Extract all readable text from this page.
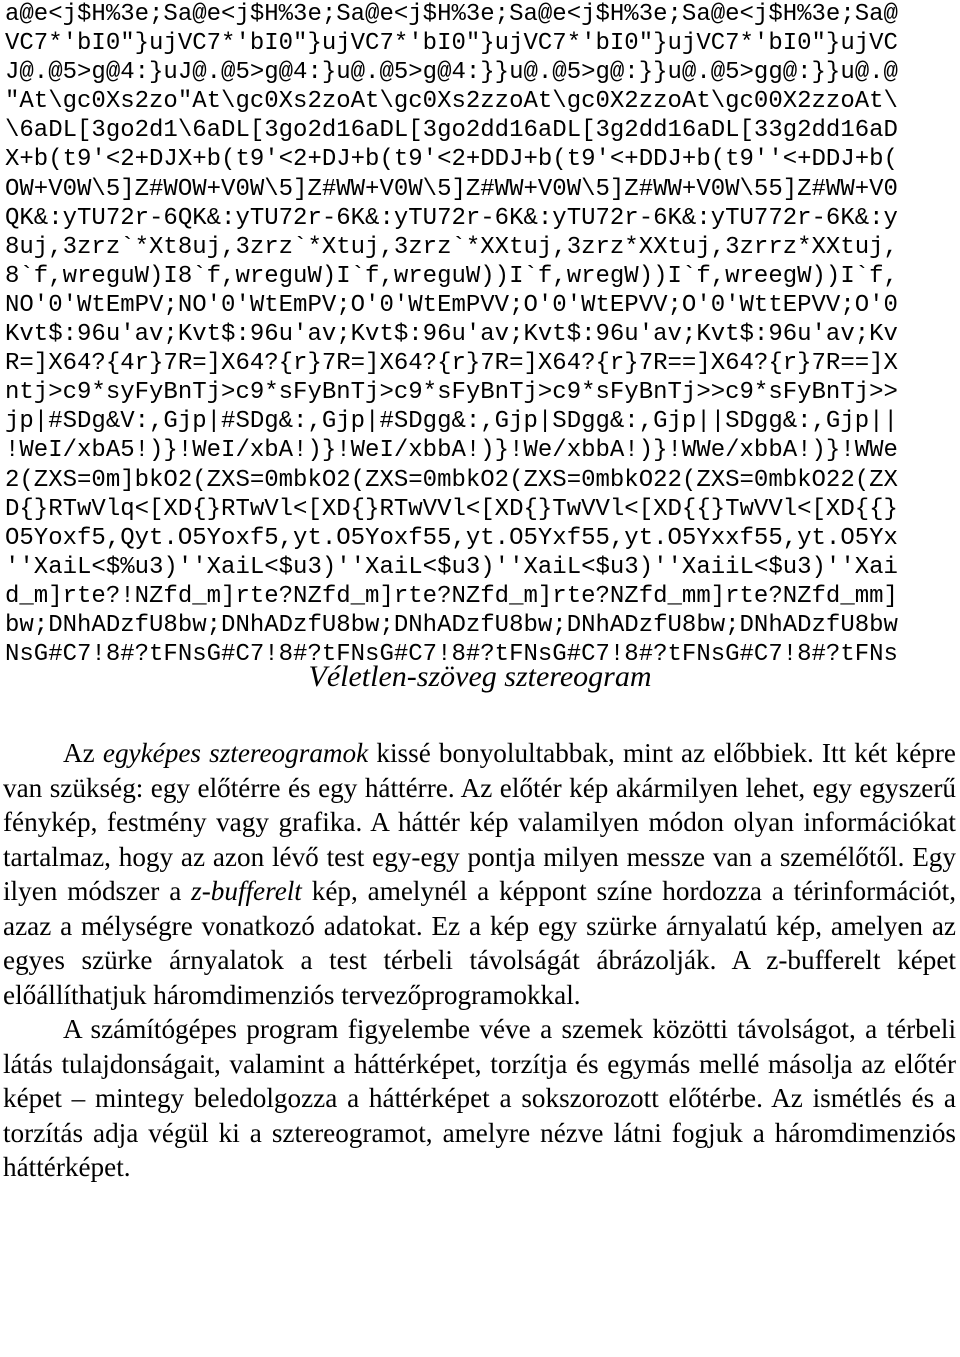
a@e<j$H%3e;Sa@e<j$H%3e;Sa@e<j$H%3e;Sa@e<j$H%3e;Sa@e<j$H%3e;Sa@
VC7*'bI0"}ujVC7*'bI0"}ujVC7*'bI0"}ujVC7*'bI0"}ujVC7*'bI0"}ujVC
J@.@5>g@4:}uJ@.@5>g@4:}u@.@5>g@4:}}u@.@5>g@:}}u@.@5>gg@:}}u@.@
"At\gc0Xs2zo"At\gc0Xs2zoAt\gc0Xs2zzoAt\gc0X2zzoAt\gc00X2zzoAt\
\6aDL[3go2d1\6aDL[3go2d16aDL[3go2dd16aDL[3g2dd16aDL[33g2dd16aD
X+b(t9'<2+DJX+b(t9'<2+DJ+b(t9'<2+DDJ+b(t9'<+DDJ+b(t9''<+DDJ+b(
OW+V0W\5]Z#WOW+V0W\5]Z#WW+V0W\5]Z#WW+V0W\5]Z#WW+V0W\55]Z#WW+V0
QK&:yTU72r-6QK&:yTU72r-6K&:yTU72r-6K&:yTU72r-6K&:yTU772r-6K&:y
8uj,3zrz`*Xt8uj,3zrz`*Xtuj,3zrz`*XXtuj,3zrz*XXtuj,3zrrz*XXtuj,
8`f,wreguW)I8`f,wreguW)I`f,wreguW))I`f,wregW))I`f,wreegW))I`f,
NO'0'WtEmPV;NO'0'WtEmPV;O'0'WtEmPVV;O'0'WtEPVV;O'0'WttEPVV;O'0
Kvt$:96u'av;Kvt$:96u'av;Kvt$:96u'av;Kvt$:96u'av;Kvt$:96u'av;Kv
R=]X64?{4r}7R=]X64?{r}7R=]X64?{r}7R=]X64?{r}7R==]X64?{r}7R==]X
ntj>c9*syFyBnTj>c9*sFyBnTj>c9*sFyBnTj>c9*sFyBnTj>>c9*sFyBnTj>>
jp|#SDg&V:,Gjp|#SDg&:,Gjp|#SDgg&:,Gjp|SDgg&:,Gjp||SDgg&:,Gjp||
!WeI/xbA5!)}!WeI/xbA!)}!WeI/xbbA!)}!We/xbbA!)}!WWe/xbbA!)}!WWe
2(ZXS=0m]bkO2(ZXS=0mbkO2(ZXS=0mbkO2(ZXS=0mbkO22(ZXS=0mbkO22(ZX
D{}RTwVlq<[XD{}RTwVl<[XD{}RTwVVl<[XD{}TwVVl<[XD{{}TwVVl<[XD{{}
O5Yoxf5,Qyt.O5Yoxf5,yt.O5Yoxf55,yt.O5Yxf55,yt.O5Yxxf55,yt.O5Yx
''XaiL<$%u3)''XaiL<$u3)''XaiL<$u3)''XaiL<$u3)''XaiiL<$u3)''Xai
d_m]rte?!NZfd_m]rte?NZfd_m]rte?NZfd_m]rte?NZfd_mm]rte?NZfd_mm]
bw;DNhADzfU8bw;DNhADzfU8bw;DNhADzfU8bw;DNhADzfU8bw;DNhADzfU8bw
NsG#C7!8#?tFNsG#C7!8#?tFNsG#C7!8#?tFNsG#C7!8#?tFNsG#C7!8#?tFNs
Véletlen-szöveg sztereogram

Az egyképes sztereogramok kissé bonyolultabbak, mint az előbbiek. Itt két képre van szükség: egy előtérre és egy háttérre. Az előtér kép akármilyen lehet, egy egyszerű fénykép, festmény vagy grafika. A háttér kép valamilyen módon olyan információkat tartalmaz, hogy az azon lévő test egy-egy pontja milyen messze van a személőtől. Egy ilyen módszer a z-bufferelt kép, amelynél a képpont színe hordozza a térinformációt, azaz a mélységre vonatkozó adatokat. Ez a kép egy szürke árnyalatú kép, amelyen az egyes szürke árnyalatok a test térbeli távolságát ábrázolják. A z-bufferelt képet előállíthatjuk háromdimenziós tervezőprogramokkal.

A számítógépes program figyelembe véve a szemek közötti távolságot, a térbeli látás tulajdonságait, valamint a háttérképet, torzítja és egymás mellé másolja az előtér képet – mintegy beledolgozza a háttérképet a sokszorozott előtérbe. Az ismétlés és a torzítás adja végül ki a sztereogramot, amelyre nézve látni fogjuk a háromdimenziós háttérképet.
